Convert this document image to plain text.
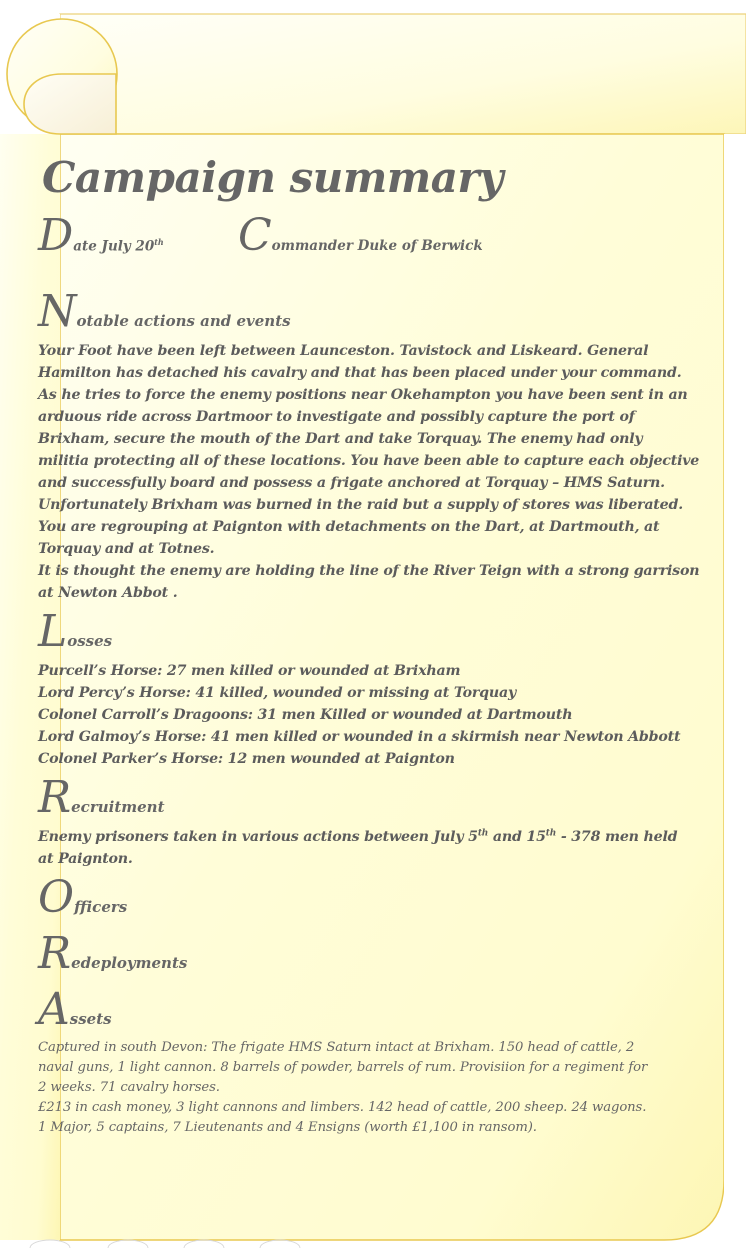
Campaign summary
D ate July 20th C ommander Duke of Berwick
N otable actions and events

Your Foot have been left between Launceston. Tavistock and Liskeard. General
Hamilton has detached his cavalry and that has been placed under your command.
As he tries to force the enemy positions near Okehampton you have been sent in an
arduous ride across Dartmoor to investigate and possibly capture the port of
Brixham, secure the mouth of the Dart and take Torquay. The enemy had only
militia protecting all of these locations. You have been able to capture each objective
and successfully board and possess a frigate anchored at Torquay – HMS Saturn.
Unfortunately Brixham was burned in the raid but a supply of stores was liberated.
You are regrouping at Paignton with detachments on the Dart, at Dartmouth, at
Torquay and at Totnes.
It is thought the enemy are holding the line of the River Teign with a strong garrison
at Newton Abbot .

L osses

Purcell’s Horse: 27 men killed or wounded at Brixham
Lord Percy’s Horse: 41 killed, wounded or missing at Torquay
Colonel Carroll’s Dragoons: 31 men Killed or wounded at Dartmouth
Lord Galmoy’s Horse: 41 men killed or wounded in a skirmish near Newton Abbott
Colonel Parker’s Horse: 12 men wounded at Paignton

R ecruitment

Enemy prisoners taken in various actions between July 5th and 15th - 378 men held
at Paignton.

O fficers
R edeployments
A ssets

Captured in south Devon: The frigate HMS Saturn intact at Brixham. 150 head of cattle, 2
naval guns, 1 light cannon. 8 barrels of powder, barrels of rum. Provisiion for a regiment for
2 weeks. 71 cavalry horses.
£213 in cash money, 3 light cannons and limbers. 142 head of cattle, 200 sheep. 24 wagons.
1 Major, 5 captains, 7 Lieutenants and 4 Ensigns (worth £1,100 in ransom).
